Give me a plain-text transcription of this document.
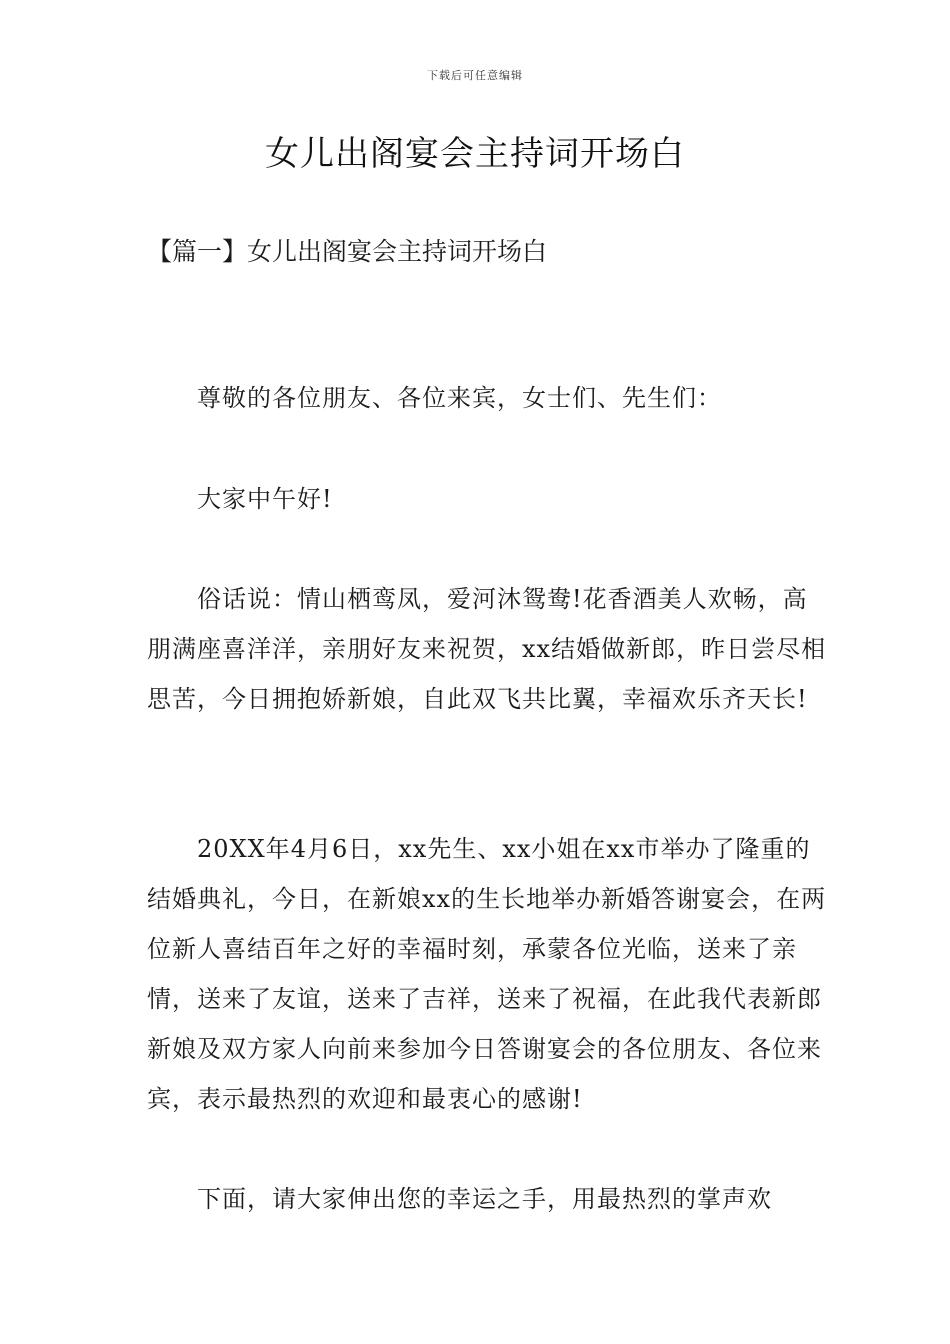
下载后可任意编辑
女儿出阁宴会主持词开场白
【篇一】女儿出阁宴会主持词开场白

尊敬的各位朋友、各位来宾，女士们、先生们：

大家中午好!

俗话说：情山栖鸾凤，爱河沐鸳鸯!花香酒美人欢畅，高朋满座喜洋洋，亲朋好友来祝贺，xx结婚做新郎，昨日尝尽相思苦，今日拥抱娇新娘，自此双飞共比翼，幸福欢乐齐天长!

20XX年4月6日，xx先生、xx小姐在xx市举办了隆重的结婚典礼，今日，在新娘xx的生长地举办新婚答谢宴会，在两位新人喜结百年之好的幸福时刻，承蒙各位光临，送来了亲情，送来了友谊，送来了吉祥，送来了祝福，在此我代表新郎新娘及双方家人向前来参加今日答谢宴会的各位朋友、各位来宾，表示最热烈的欢迎和最衷心的感谢!

下面，请大家伸出您的幸运之手，用最热烈的掌声欢
